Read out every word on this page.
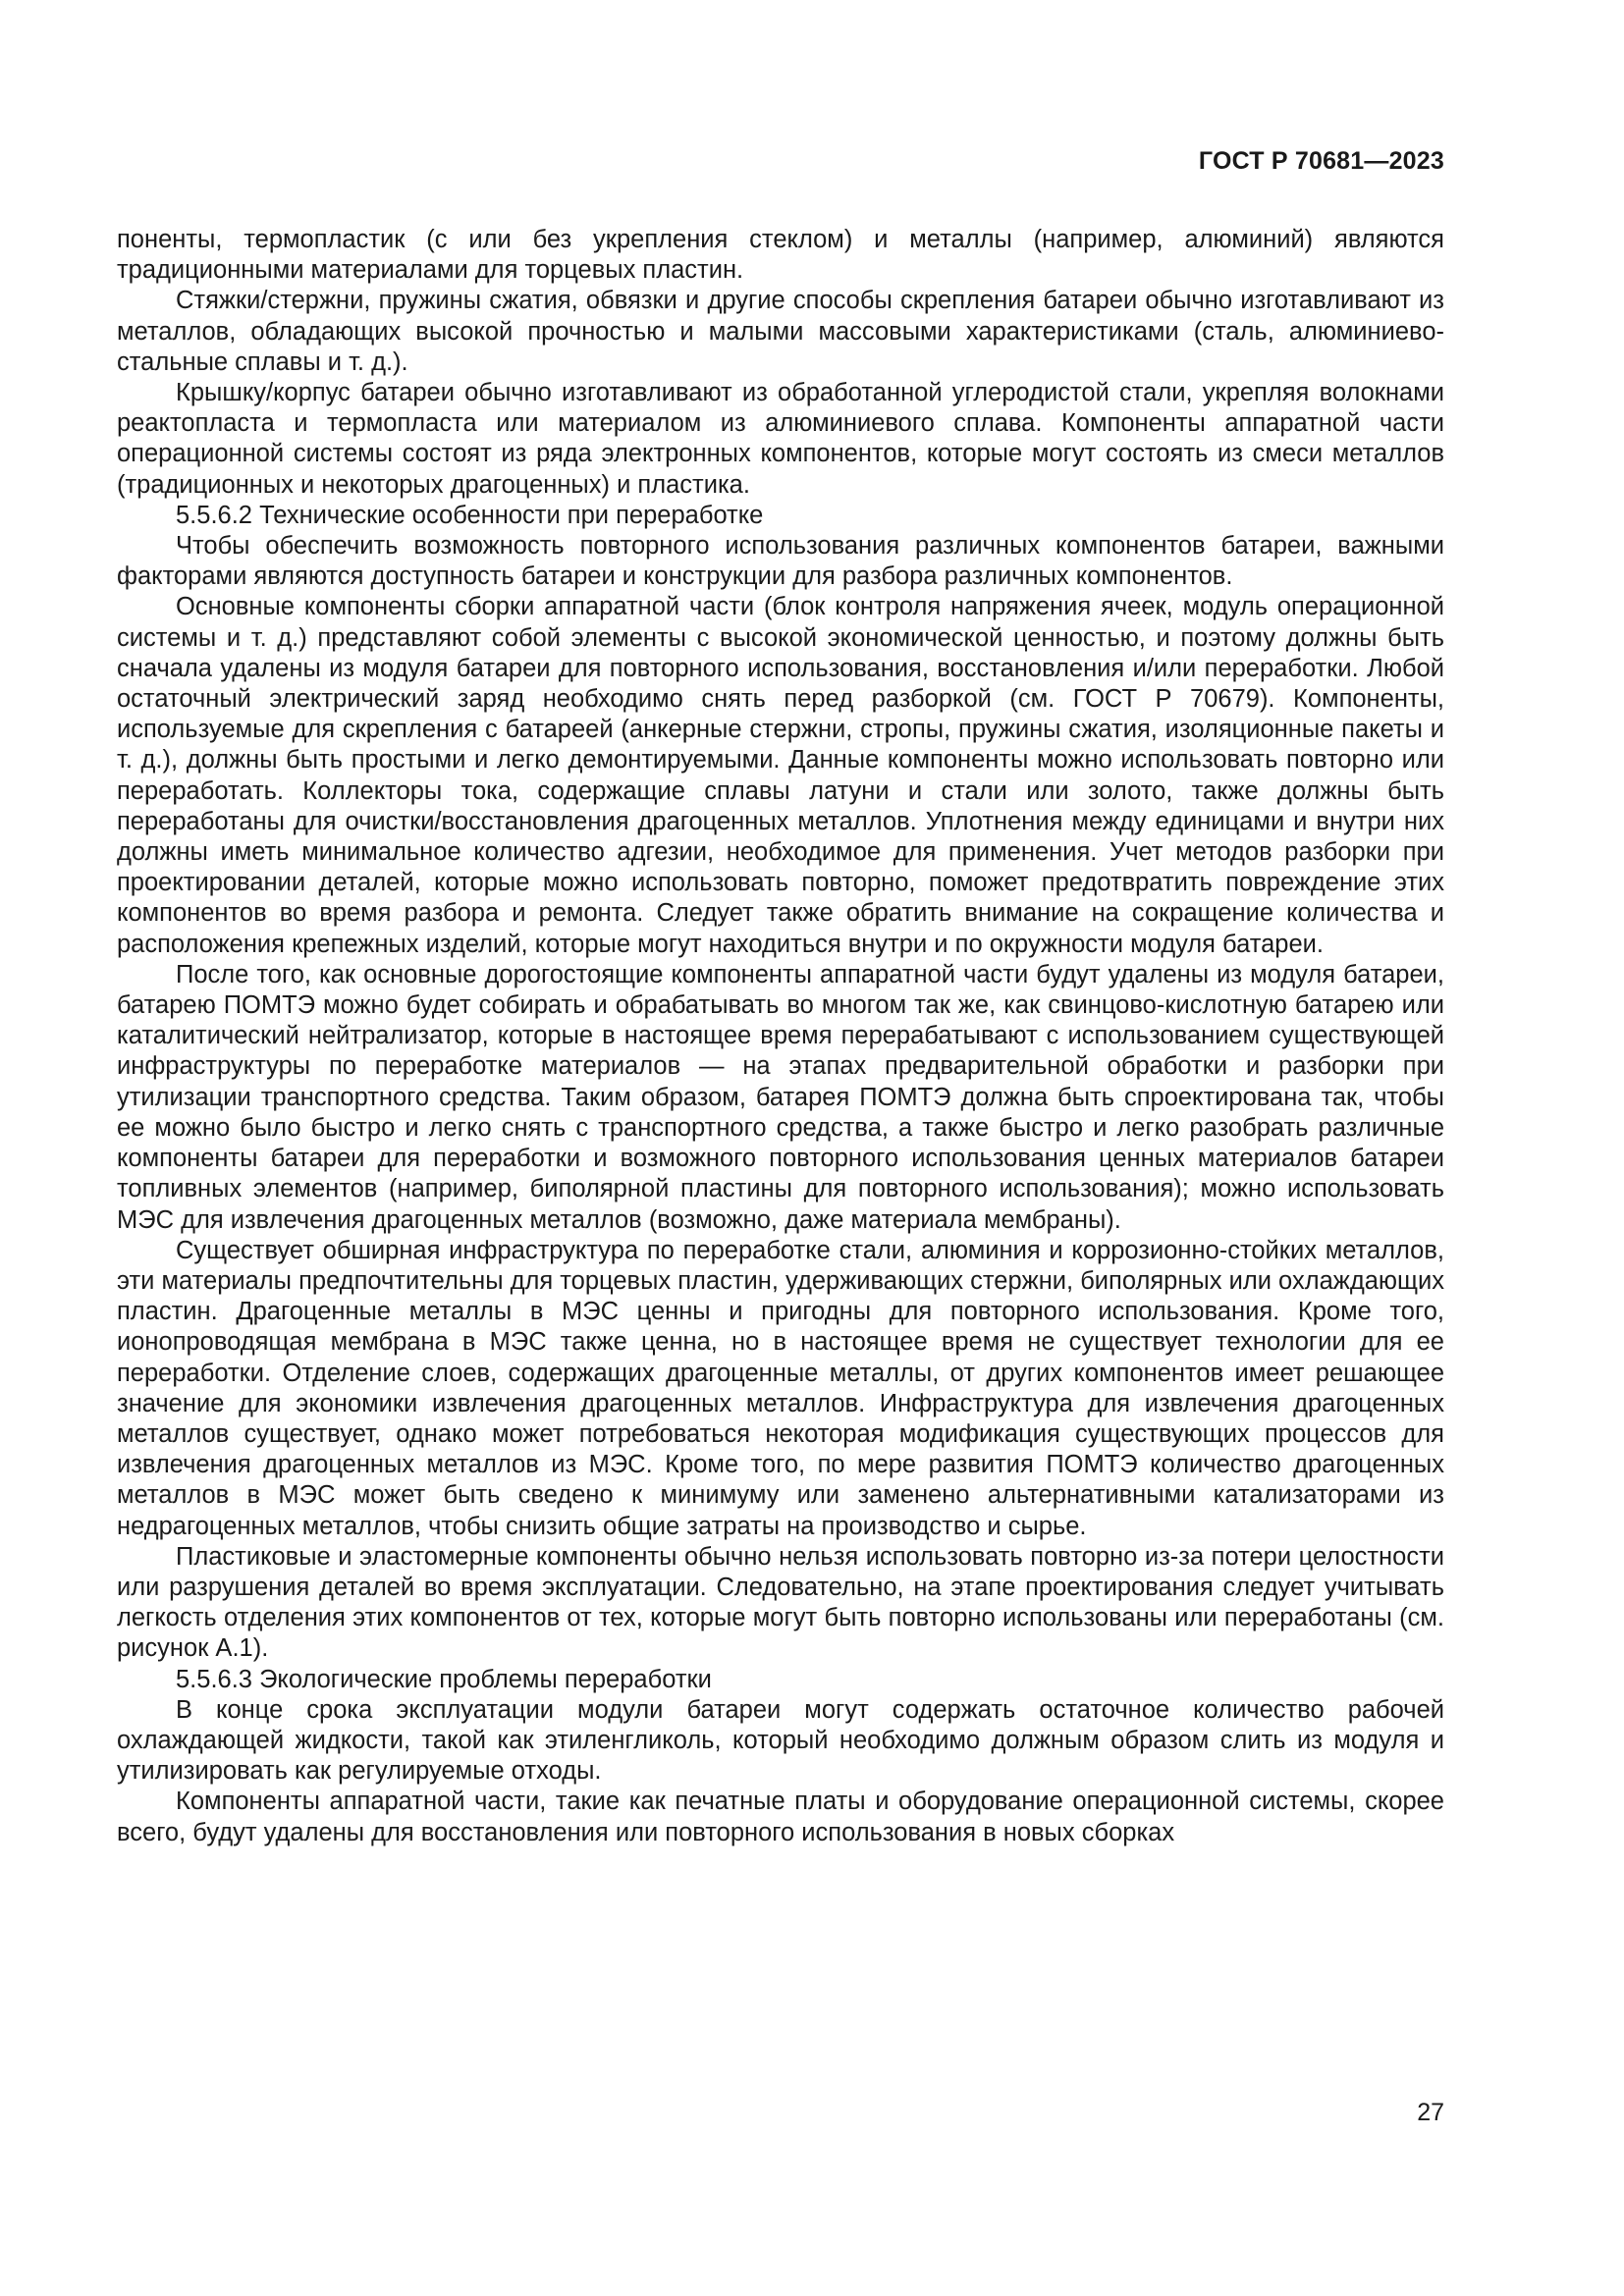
ГОСТ Р 70681—2023

поненты, термопластик (с или без укрепления стеклом) и металлы (например, алюминий) являются традиционными материалами для торцевых пластин.

Стяжки/стержни, пружины сжатия, обвязки и другие способы скрепления батареи обычно изготавливают из металлов, обладающих высокой прочностью и малыми массовыми характеристиками (сталь, алюминиево-стальные сплавы и т. д.).

Крышку/корпус батареи обычно изготавливают из обработанной углеродистой стали, укрепляя волокнами реактопласта и термопласта или материалом из алюминиевого сплава. Компоненты аппаратной части операционной системы состоят из ряда электронных компонентов, которые могут состоять из смеси металлов (традиционных и некоторых драгоценных) и пластика.

5.5.6.2 Технические особенности при переработке

Чтобы обеспечить возможность повторного использования различных компонентов батареи, важными факторами являются доступность батареи и конструкции для разбора различных компонентов.

Основные компоненты сборки аппаратной части (блок контроля напряжения ячеек, модуль операционной системы и т. д.) представляют собой элементы с высокой экономической ценностью, и поэтому должны быть сначала удалены из модуля батареи для повторного использования, восстановления и/или переработки. Любой остаточный электрический заряд необходимо снять перед разборкой (см. ГОСТ Р 70679). Компоненты, используемые для скрепления с батареей (анкерные стержни, стропы, пружины сжатия, изоляционные пакеты и т. д.), должны быть простыми и легко демонтируемыми. Данные компоненты можно использовать повторно или переработать. Коллекторы тока, содержащие сплавы латуни и стали или золото, также должны быть переработаны для очистки/восстановления драгоценных металлов. Уплотнения между единицами и внутри них должны иметь минимальное количество адгезии, необходимое для применения. Учет методов разборки при проектировании деталей, которые можно использовать повторно, поможет предотвратить повреждение этих компонентов во время разбора и ремонта. Следует также обратить внимание на сокращение количества и расположения крепежных изделий, которые могут находиться внутри и по окружности модуля батареи.

После того, как основные дорогостоящие компоненты аппаратной части будут удалены из модуля батареи, батарею ПОМТЭ можно будет собирать и обрабатывать во многом так же, как свинцово-кислотную батарею или каталитический нейтрализатор, которые в настоящее время перерабатывают с использованием существующей инфраструктуры по переработке материалов — на этапах предварительной обработки и разборки при утилизации транспортного средства. Таким образом, батарея ПОМТЭ должна быть спроектирована так, чтобы ее можно было быстро и легко снять с транспортного средства, а также быстро и легко разобрать различные компоненты батареи для переработки и возможного повторного использования ценных материалов батареи топливных элементов (например, биполярной пластины для повторного использования); можно использовать МЭС для извлечения драгоценных металлов (возможно, даже материала мембраны).

Существует обширная инфраструктура по переработке стали, алюминия и коррозионно-стойких металлов, эти материалы предпочтительны для торцевых пластин, удерживающих стержни, биполярных или охлаждающих пластин. Драгоценные металлы в МЭС ценны и пригодны для повторного использования. Кроме того, ионопроводящая мембрана в МЭС также ценна, но в настоящее время не существует технологии для ее переработки. Отделение слоев, содержащих драгоценные металлы, от других компонентов имеет решающее значение для экономики извлечения драгоценных металлов. Инфраструктура для извлечения драгоценных металлов существует, однако может потребоваться некоторая модификация существующих процессов для извлечения драгоценных металлов из МЭС. Кроме того, по мере развития ПОМТЭ количество драгоценных металлов в МЭС может быть сведено к минимуму или заменено альтернативными катализаторами из недрагоценных металлов, чтобы снизить общие затраты на производство и сырье.

Пластиковые и эластомерные компоненты обычно нельзя использовать повторно из-за потери целостности или разрушения деталей во время эксплуатации. Следовательно, на этапе проектирования следует учитывать легкость отделения этих компонентов от тех, которые могут быть повторно использованы или переработаны (см. рисунок А.1).

5.5.6.3 Экологические проблемы переработки

В конце срока эксплуатации модули батареи могут содержать остаточное количество рабочей охлаждающей жидкости, такой как этиленгликоль, который необходимо должным образом слить из модуля и утилизировать как регулируемые отходы.

Компоненты аппаратной части, такие как печатные платы и оборудование операционной системы, скорее всего, будут удалены для восстановления или повторного использования в новых сборках

27
